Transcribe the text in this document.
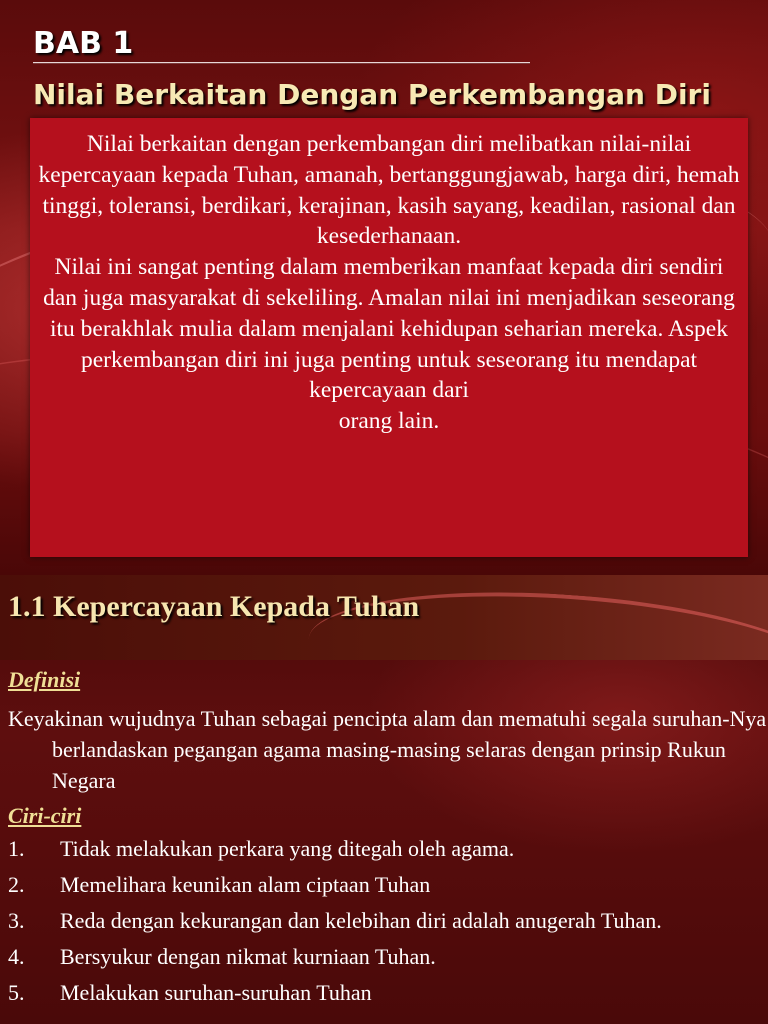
BAB 1
Nilai Berkaitan Dengan Perkembangan Diri

Nilai berkaitan dengan perkembangan diri melibatkan nilai-nilai kepercayaan kepada Tuhan, amanah, bertanggungjawab, harga diri, hemah tinggi, toleransi, berdikari, kerajinan, kasih sayang, keadilan, rasional dan kesederhanaan.

Nilai ini sangat penting dalam memberikan manfaat kepada diri sendiri dan juga masyarakat di sekeliling. Amalan nilai ini menjadikan seseorang itu berakhlak mulia dalam menjalani kehidupan seharian mereka. Aspek perkembangan diri ini juga penting untuk seseorang itu mendapat kepercayaan dari
orang lain.

1.1 Kepercayaan Kepada Tuhan
Definisi

Keyakinan wujudnya Tuhan sebagai pencipta alam dan mematuhi segala suruhan-Nya berlandaskan pegangan agama masing-masing selaras dengan prinsip Rukun Negara

Ciri-ciri
1.	Tidak melakukan perkara yang ditegah oleh agama.
2.	Memelihara keunikan alam ciptaan Tuhan
3.	Reda dengan kekurangan dan kelebihan diri adalah anugerah Tuhan.
4.	Bersyukur dengan nikmat kurniaan Tuhan.
5.	Melakukan suruhan-suruhan Tuhan
